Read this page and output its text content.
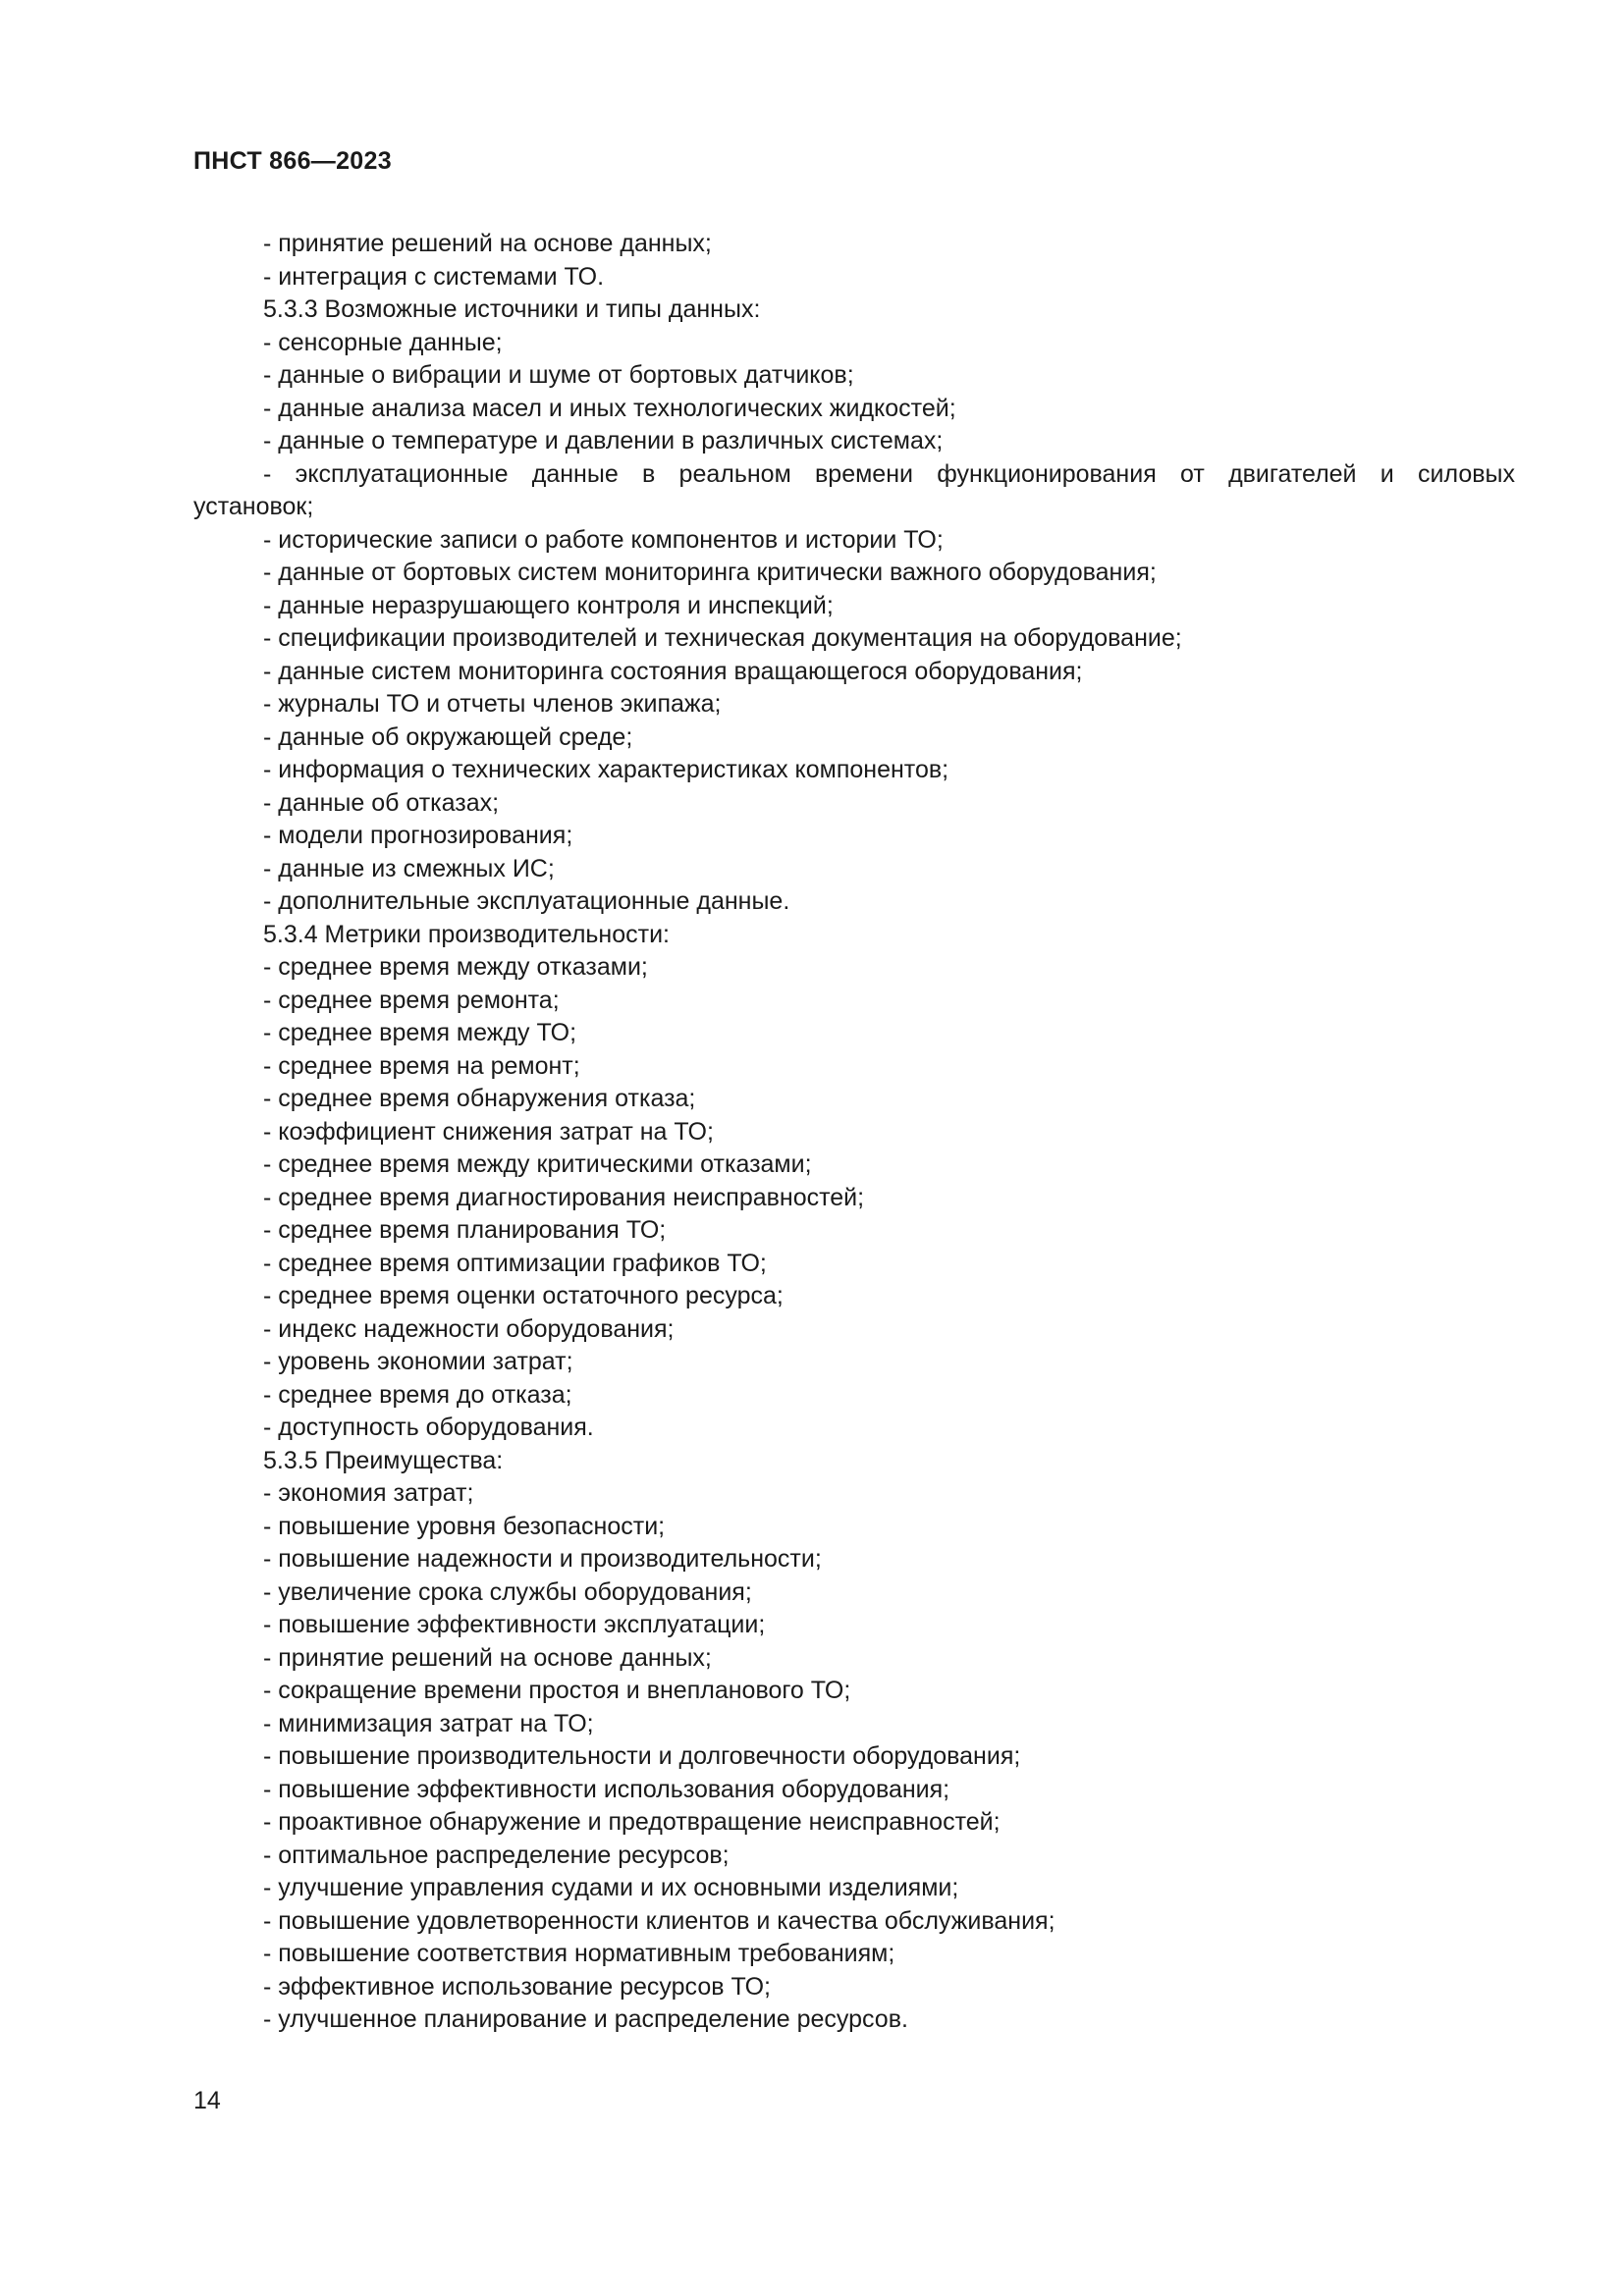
ПНСТ 866—2023
- принятие решений на основе данных;
- интеграция с системами ТО.
5.3.3 Возможные источники и типы данных:
- сенсорные данные;
- данные о вибрации и шуме от бортовых датчиков;
- данные анализа масел и иных технологических жидкостей;
- данные о температуре и давлении в различных системах;
- эксплуатационные данные в реальном времени функционирования от двигателей и силовых
установок;
- исторические записи о работе компонентов и истории ТО;
- данные от бортовых систем мониторинга критически важного оборудования;
- данные неразрушающего контроля и инспекций;
- спецификации производителей и техническая документация на оборудование;
- данные систем мониторинга состояния вращающегося оборудования;
- журналы ТО и отчеты членов экипажа;
- данные об окружающей среде;
- информация о технических характеристиках компонентов;
- данные об отказах;
- модели прогнозирования;
- данные из смежных ИС;
- дополнительные эксплуатационные данные.
5.3.4 Метрики производительности:
- среднее время между отказами;
- среднее время ремонта;
- среднее время между ТО;
- среднее время на ремонт;
- среднее время обнаружения отказа;
- коэффициент снижения затрат на ТО;
- среднее время между критическими отказами;
- среднее время диагностирования неисправностей;
- среднее время планирования ТО;
- среднее время оптимизации графиков ТО;
- среднее время оценки остаточного ресурса;
- индекс надежности оборудования;
- уровень экономии затрат;
- среднее время до отказа;
- доступность оборудования.
5.3.5 Преимущества:
- экономия затрат;
- повышение уровня безопасности;
- повышение надежности и производительности;
- увеличение срока службы оборудования;
- повышение эффективности эксплуатации;
- принятие решений на основе данных;
- сокращение времени простоя и внепланового ТО;
- минимизация затрат на ТО;
- повышение производительности и долговечности оборудования;
- повышение эффективности использования оборудования;
- проактивное обнаружение и предотвращение неисправностей;
- оптимальное распределение ресурсов;
- улучшение управления судами и их основными изделиями;
- повышение удовлетворенности клиентов и качества обслуживания;
- повышение соответствия нормативным требованиям;
- эффективное использование ресурсов ТО;
- улучшенное планирование и распределение ресурсов.
14
